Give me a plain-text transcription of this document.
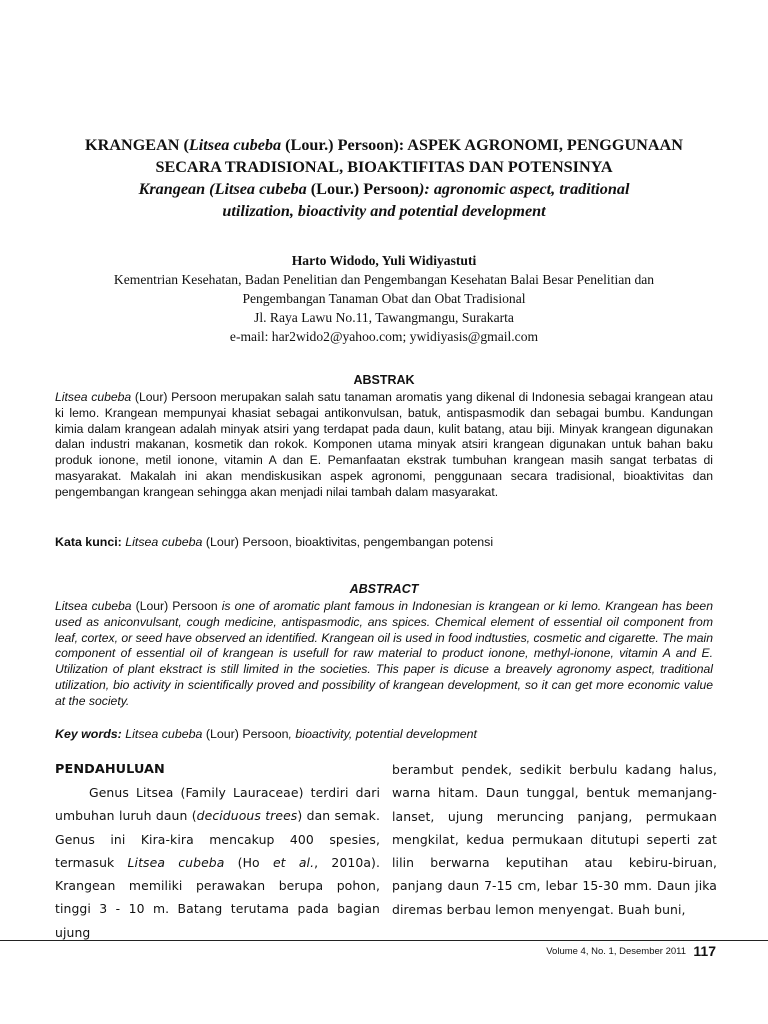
KRANGEAN (Litsea cubeba (Lour.) Persoon): ASPEK AGRONOMI, PENGGUNAAN
SECARA TRADISIONAL, BIOAKTIFITAS DAN POTENSINYA
Krangean (Litsea cubeba (Lour.) Persoon): agronomic aspect, traditional
utilization, bioactivity and potential development
Harto Widodo, Yuli Widiyastuti
Kementrian Kesehatan, Badan Penelitian dan Pengembangan Kesehatan Balai Besar Penelitian dan
Pengembangan Tanaman Obat dan Obat Tradisional
Jl. Raya Lawu No.11, Tawangmangu, Surakarta
e-mail: har2wido2@yahoo.com; ywidiyasis@gmail.com
ABSTRAK

Litsea cubeba (Lour) Persoon merupakan salah satu tanaman aromatis yang dikenal di Indonesia sebagai krangean atau ki lemo. Krangean mempunyai khasiat sebagai antikonvulsan, batuk, antispasmodik dan sebagai bumbu. Kandungan kimia dalam krangean adalah minyak atsiri yang terdapat pada daun, kulit batang, atau biji. Minyak krangean digunakan dalan industri makanan, kosmetik dan rokok. Komponen utama minyak atsiri krangean digunakan untuk bahan baku produk ionone, metil ionone, vitamin A dan E. Pemanfaatan ekstrak tumbuhan krangean masih sangat terbatas di masyarakat. Makalah ini akan mendiskusikan aspek agronomi, penggunaan secara tradisional, bioaktivitas dan pengembangan krangean sehingga akan menjadi nilai tambah dalam masyarakat.

Kata kunci: Litsea cubeba (Lour) Persoon, bioaktivitas, pengembangan potensi
ABSTRACT

Litsea cubeba (Lour) Persoon is one of aromatic plant famous in Indonesian is krangean or ki lemo. Krangean has been used as aniconvulsant, cough medicine, antispasmodic, ans spices. Chemical element of essential oil component from leaf, cortex, or seed have observed an identified. Krangean oil is used in food indtusties, cosmetic and cigarette. The main component of essential oil of krangean is usefull for raw material to product ionone, methyl-ionone, vitamin A and E. Utilization of plant ekstract is still limited in the societies. This paper is dicuse a breavely agronomy aspect, traditional utilization, bio activity in scientifically proved and possibility of krangean development, so it can get more economic value at the society.

Key words: Litsea cubeba (Lour) Persoon, bioactivity, potential development
PENDAHULUAN

Genus Litsea (Family Lauraceae) terdiri dari umbuhan luruh daun (deciduous trees) dan semak. Genus ini Kira-kira mencakup 400 spesies, termasuk Litsea cubeba (Ho et al., 2010a). Krangean memiliki perawakan berupa pohon, tinggi 3 - 10 m. Batang terutama pada bagian ujung

berambut pendek, sedikit berbulu kadang halus, warna hitam. Daun tunggal, bentuk memanjang-lanset, ujung meruncing panjang, permukaan mengkilat, kedua permukaan ditutupi seperti zat lilin berwarna keputihan atau kebiru-biruan, panjang daun 7-15 cm, lebar 15-30 mm. Daun jika diremas berbau lemon menyengat. Buah buni,

Volume 4, No. 1, Desember 2011 117
